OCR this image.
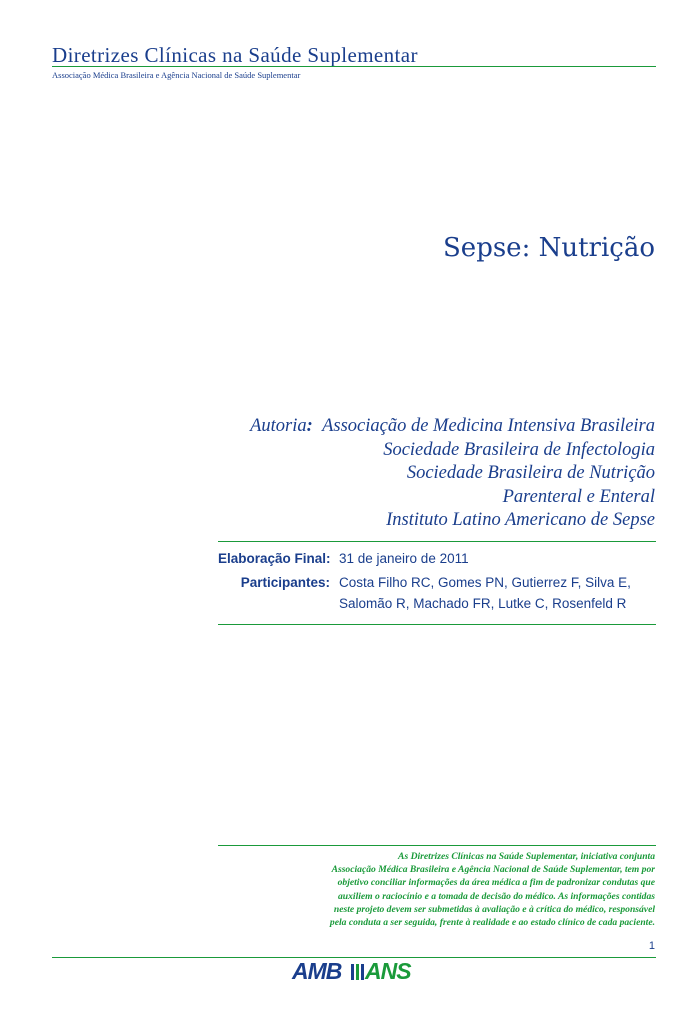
Diretrizes Clínicas na Saúde Suplementar
Associação Médica Brasileira e Agência Nacional de Saúde Suplementar
Sepse: Nutrição
Autoria: Associação de Medicina Intensiva Brasileira
Sociedade Brasileira de Infectologia
Sociedade Brasileira de Nutrição
Parenteral e Enteral
Instituto Latino Americano de Sepse
Elaboração Final: 31 de janeiro de 2011
Participantes: Costa Filho RC, Gomes PN, Gutierrez F, Silva E,
Salomão R, Machado FR, Lutke C, Rosenfeld R
As Diretrizes Clínicas na Saúde Suplementar, iniciativa conjunta
Associação Médica Brasileira e Agência Nacional de Saúde Suplementar, tem por
objetivo conciliar informações da área médica a fim de padronizar condutas que
auxiliem o raciocínio e a tomada de decisão do médico. As informações contidas
neste projeto devem ser submetidas à avaliação e à crítica do médico, responsável
pela conduta a ser seguida, frente à realidade e ao estado clínico de cada paciente.
1
AMB ANS
